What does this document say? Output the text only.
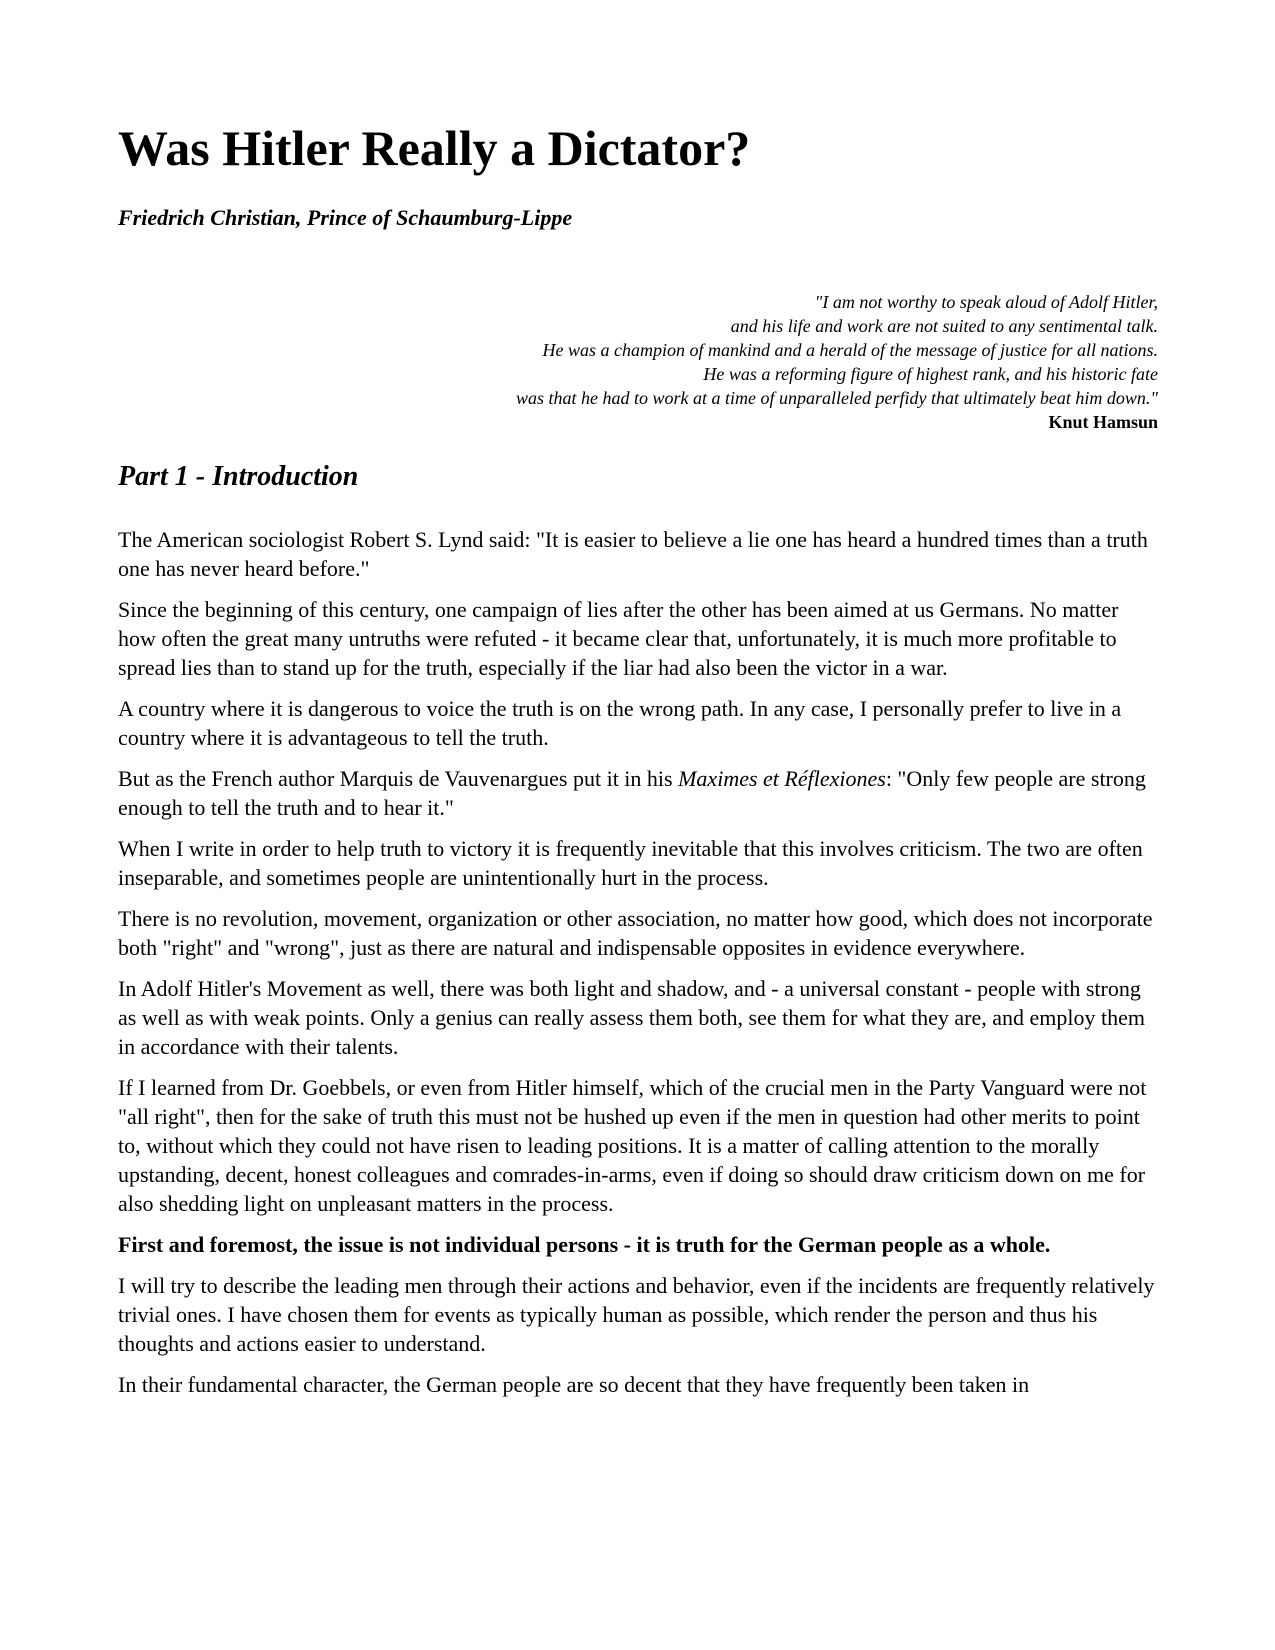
Was Hitler Really a Dictator?

Friedrich Christian, Prince of Schaumburg-Lippe

"I am not worthy to speak aloud of Adolf Hitler,
and his life and work are not suited to any sentimental talk.
He was a champion of mankind and a herald of the message of justice for all nations.
He was a reforming figure of highest rank, and his historic fate
was that he had to work at a time of unparalleled perfidy that ultimately beat him down."
Knut Hamsun
Part 1 - Introduction

The American sociologist Robert S. Lynd said: "It is easier to believe a lie one has heard a hundred times than a truth one has never heard before."

Since the beginning of this century, one campaign of lies after the other has been aimed at us Germans. No matter how often the great many untruths were refuted - it became clear that, unfortunately, it is much more profitable to spread lies than to stand up for the truth, especially if the liar had also been the victor in a war.

A country where it is dangerous to voice the truth is on the wrong path. In any case, I personally prefer to live in a country where it is advantageous to tell the truth.

But as the French author Marquis de Vauvenargues put it in his Maximes et Réflexiones: "Only few people are strong enough to tell the truth and to hear it."

When I write in order to help truth to victory it is frequently inevitable that this involves criticism. The two are often inseparable, and sometimes people are unintentionally hurt in the process.

There is no revolution, movement, organization or other association, no matter how good, which does not incorporate both "right" and "wrong", just as there are natural and indispensable opposites in evidence everywhere.

In Adolf Hitler's Movement as well, there was both light and shadow, and - a universal constant - people with strong as well as with weak points. Only a genius can really assess them both, see them for what they are, and employ them in accordance with their talents.

If I learned from Dr. Goebbels, or even from Hitler himself, which of the crucial men in the Party Vanguard were not "all right", then for the sake of truth this must not be hushed up even if the men in question had other merits to point to, without which they could not have risen to leading positions. It is a matter of calling attention to the morally upstanding, decent, honest colleagues and comrades-in-arms, even if doing so should draw criticism down on me for also shedding light on unpleasant matters in the process.

First and foremost, the issue is not individual persons - it is truth for the German people as a whole.

I will try to describe the leading men through their actions and behavior, even if the incidents are frequently relatively trivial ones. I have chosen them for events as typically human as possible, which render the person and thus his thoughts and actions easier to understand.

In their fundamental character, the German people are so decent that they have frequently been taken in
